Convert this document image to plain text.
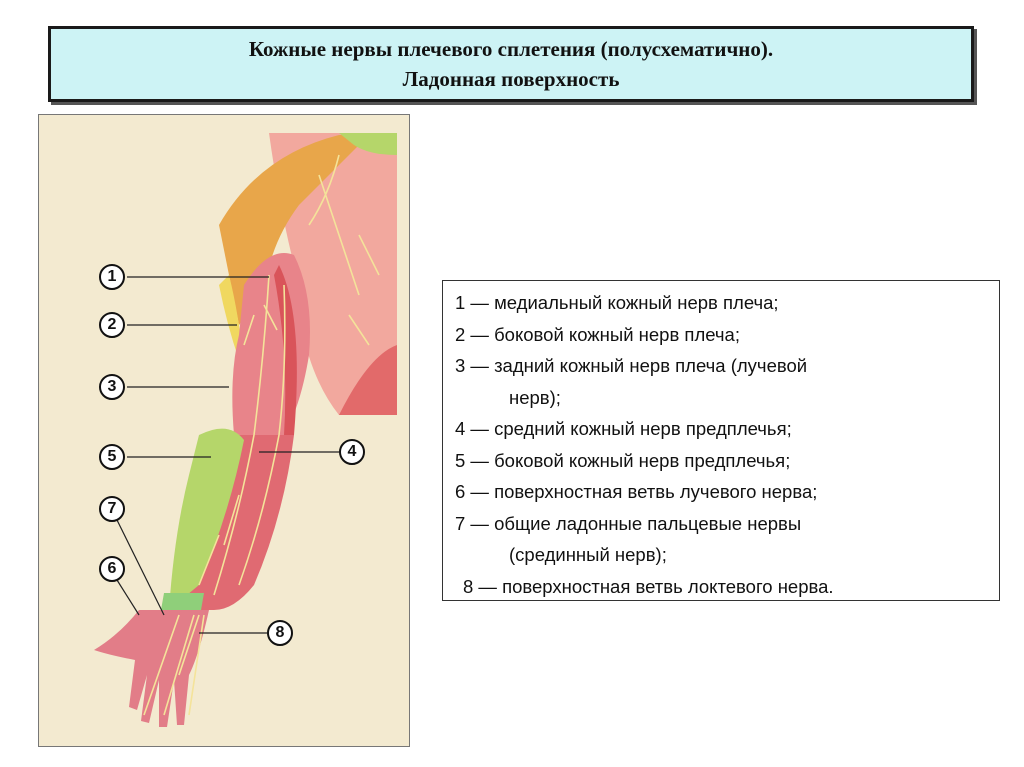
Кожные нервы плечевого сплетения (полусхематично).
Ладонная поверхность
1
2
3
4
5
6
7
8
1 — медиальный кожный нерв плеча;
2 — боковой кожный нерв плеча;
3 — задний кожный нерв плеча (лучевой
нерв);
4 — средний кожный нерв предплечья;
5 — боковой кожный нерв предплечья;
6 — поверхностная ветвь лучевого нерва;
7 — общие ладонные пальцевые нервы
(срединный нерв);
8 — поверхностная ветвь локтевого нерва.
